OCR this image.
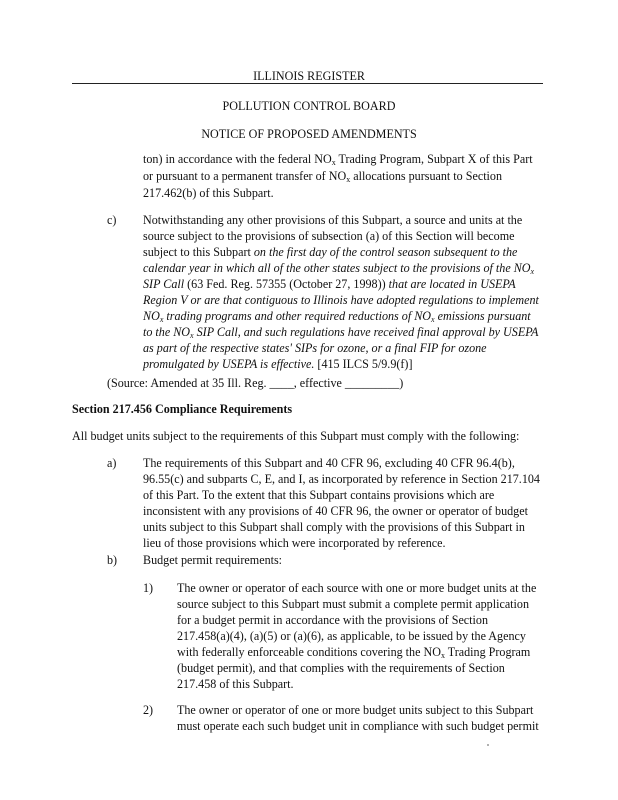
ILLINOIS REGISTER
POLLUTION CONTROL BOARD
NOTICE OF PROPOSED AMENDMENTS
ton) in accordance with the federal $NO_x$ Trading Program, Subpart X of this Part
or pursuant to a permanent transfer of $NO_x$ allocations pursuant to Section
217.462(b) of this Subpart.
c) Notwithstanding any other provisions of this Subpart, a source and units at the
source subject to the provisions of subsection (a) of this Section will become
subject to this Subpart on the first day of the control season subsequent to the
calendar year in which all of the other states subject to the provisions of the $NO_x$
SIP Call (63 Fed. Reg. 57355 (October 27, 1998)) that are located in USEPA
Region V or are that contiguous to Illinois have adopted regulations to implement
$NO_x$ trading programs and other required reductions of $NO_x$ emissions pursuant
to the $NO_x$ SIP Call, and such regulations have received final approval by USEPA
as part of the respective states' SIPs for ozone, or a final FIP for ozone
promulgated by USEPA is effective. [415 ILCS 5/9.9(f)]
(Source: Amended at 35 Ill. Reg. ____, effective _________)
Section 217.456 Compliance Requirements
All budget units subject to the requirements of this Subpart must comply with the following:
a) The requirements of this Subpart and 40 CFR 96, excluding 40 CFR 96.4(b),
96.55(c) and subparts C, E, and I, as incorporated by reference in Section 217.104
of this Part. To the extent that this Subpart contains provisions which are
inconsistent with any provisions of 40 CFR 96, the owner or operator of budget
units subject to this Subpart shall comply with the provisions of this Subpart in
lieu of those provisions which were incorporated by reference.
b) Budget permit requirements:
1) The owner or operator of each source with one or more budget units at the
source subject to this Subpart must submit a complete permit application
for a budget permit in accordance with the provisions of Section
217.458(a)(4), (a)(5) or (a)(6), as applicable, to be issued by the Agency
with federally enforceable conditions covering the $NO_x$ Trading Program
(budget permit), and that complies with the requirements of Section
217.458 of this Subpart.
2) The owner or operator of one or more budget units subject to this Subpart
must operate each such budget unit in compliance with such budget permit
